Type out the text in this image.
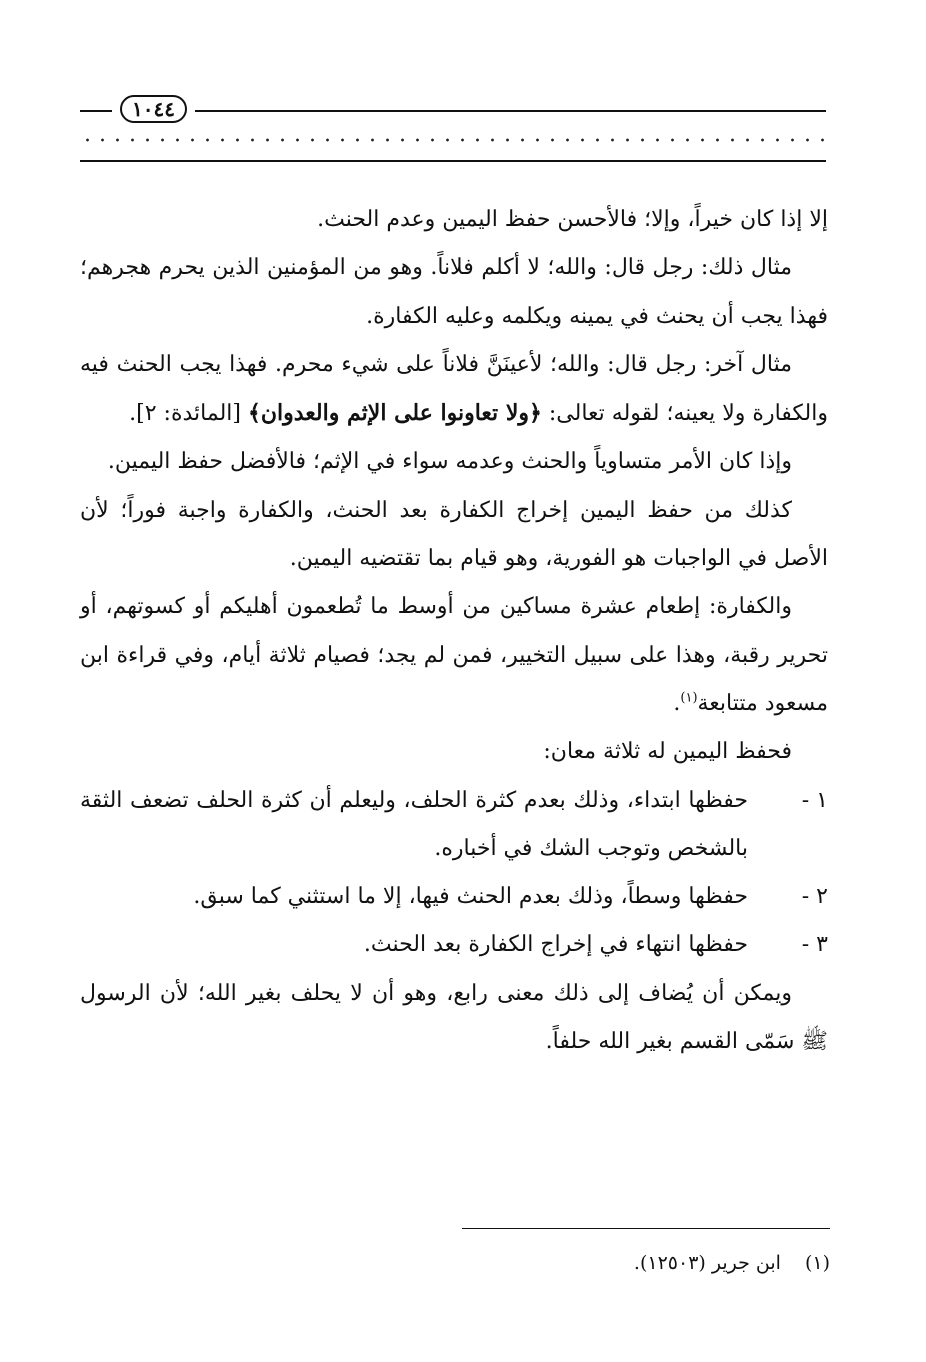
١٠٤٤

إلا إذا كان خيراً، وإلا؛ فالأحسن حفظ اليمين وعدم الحنث.

مثال ذلك: رجل قال: والله؛ لا أكلم فلاناً. وهو من المؤمنين الذين يحرم هجرهم؛ فهذا يجب أن يحنث في يمينه ويكلمه وعليه الكفارة.

مثال آخر: رجل قال: والله؛ لأعينَنَّ فلاناً على شيء محرم. فهذا يجب الحنث فيه والكفارة ولا يعينه؛ لقوله تعالى: ﴿ولا تعاونوا على الإثم والعدوان﴾ [المائدة: ٢].

وإذا كان الأمر متساوياً والحنث وعدمه سواء في الإثم؛ فالأفضل حفظ اليمين.

كذلك من حفظ اليمين إخراج الكفارة بعد الحنث، والكفارة واجبة فوراً؛ لأن الأصل في الواجبات هو الفورية، وهو قيام بما تقتضيه اليمين.

والكفارة: إطعام عشرة مساكين من أوسط ما تُطعمون أهليكم أو كسوتهم، أو تحرير رقبة، وهذا على سبيل التخيير، فمن لم يجد؛ فصيام ثلاثة أيام، وفي قراءة ابن مسعود متتابعة$^{(١)}$.

فحفظ اليمين له ثلاثة معان:

١ -
حفظها ابتداء، وذلك بعدم كثرة الحلف، وليعلم أن كثرة الحلف تضعف الثقة بالشخص وتوجب الشك في أخباره.
٢ -
حفظها وسطاً، وذلك بعدم الحنث فيها، إلا ما استثني كما سبق.
٣ -
حفظها انتهاء في إخراج الكفارة بعد الحنث.

ويمكن أن يُضاف إلى ذلك معنى رابع، وهو أن لا يحلف بغير الله؛ لأن الرسول ﷺ سَمّى القسم بغير الله حلفاً.

(١)ابن جرير (١٢٥٠٣).
